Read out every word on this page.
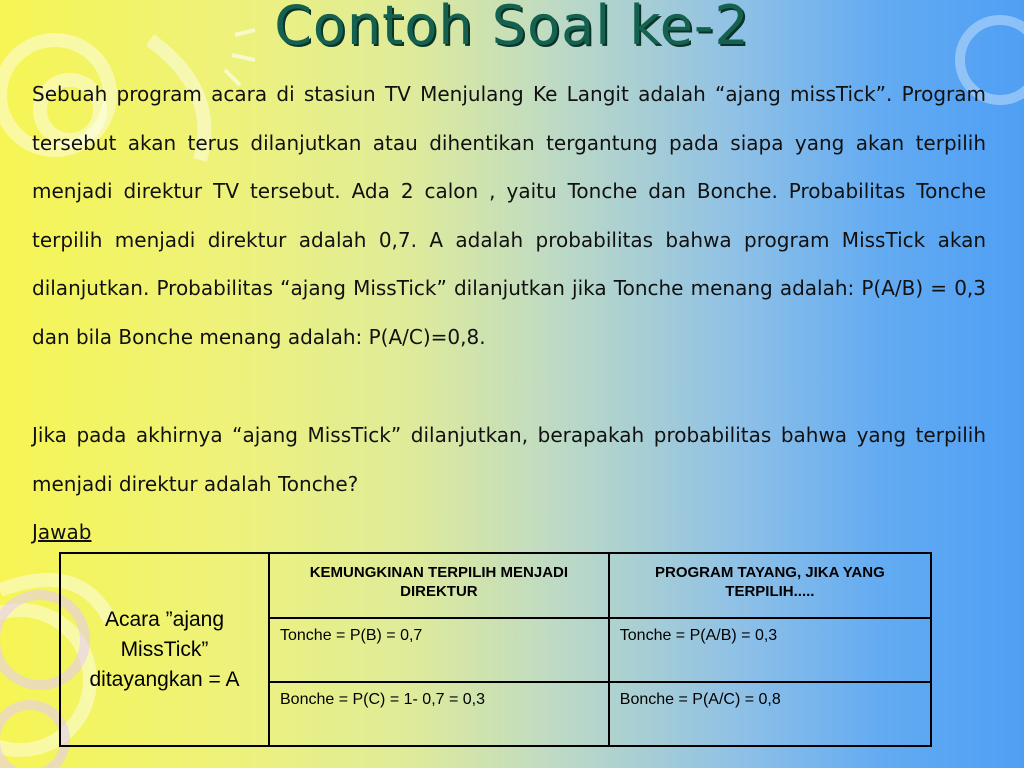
Contoh Soal ke-2

Sebuah program acara di stasiun TV Menjulang Ke Langit adalah “ajang missTick”. Program tersebut akan terus dilanjutkan atau dihentikan tergantung pada siapa yang akan terpilih menjadi direktur TV tersebut. Ada 2 calon , yaitu Tonche dan Bonche. Probabilitas Tonche terpilih menjadi direktur adalah 0,7. A adalah probabilitas bahwa program MissTick akan dilanjutkan. Probabilitas “ajang MissTick” dilanjutkan jika Tonche menang adalah: P(A/B) = 0,3 dan bila Bonche menang adalah: P(A/C)=0,8.

Jika pada akhirnya “ajang MissTick” dilanjutkan, berapakah probabilitas bahwa yang terpilih menjadi direktur adalah Tonche?

Jawab

Acara ”ajang MissTick” ditayangkan = A	KEMUNGKINAN TERPILIH MENJADI DIREKTUR	PROGRAM TAYANG, JIKA YANG TERPILIH.....
	Tonche = P(B) = 0,7	Tonche = P(A/B) = 0,3
	Bonche = P(C) = 1- 0,7 = 0,3	Bonche = P(A/C) = 0,8
